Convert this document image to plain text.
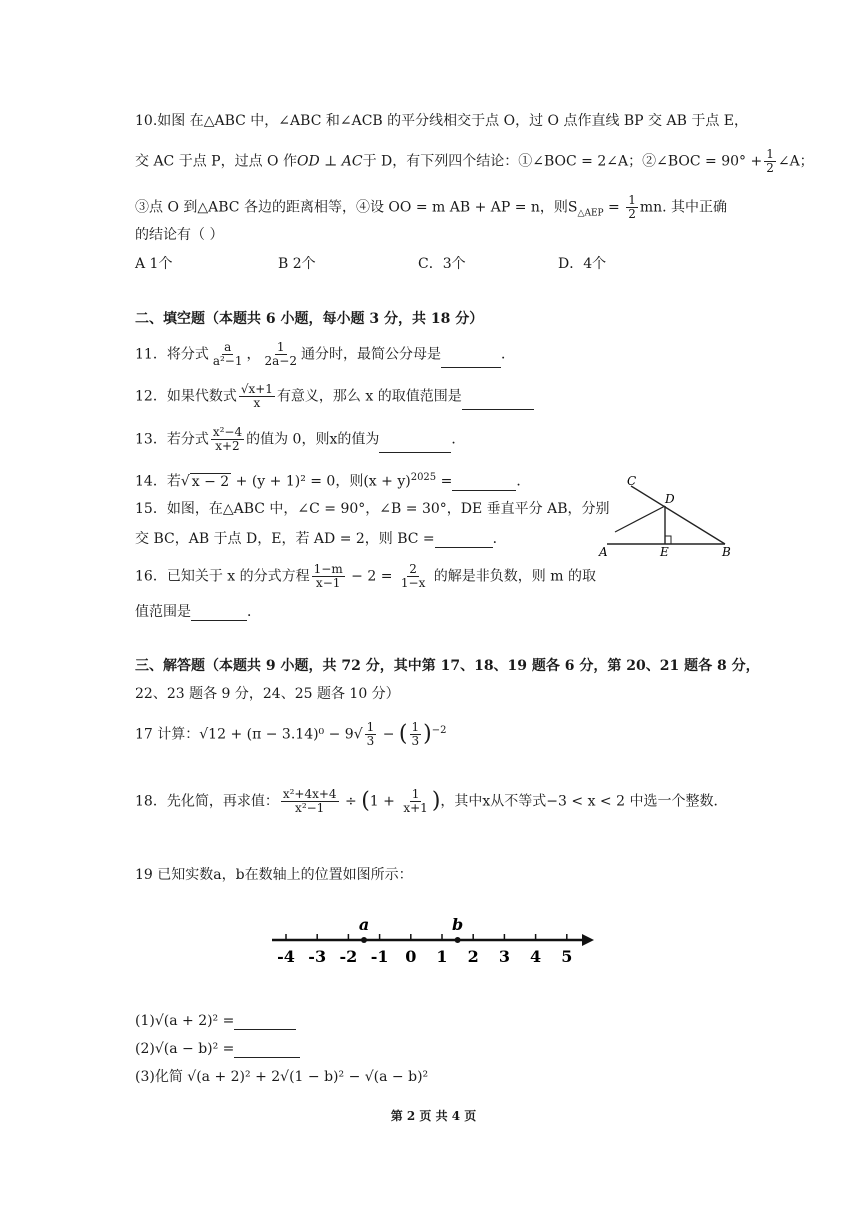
10.如图 在△ABC 中，∠ABC 和∠ACB 的平分线相交于点 O，过 O 点作直线 BP 交 AB 于点 E，
交 AC 于点 P，过点 O 作OD ⊥ AC于 D，有下列四个结论：①∠BOC = 2∠A；②∠BOC = $90^\circ + \frac{1}{2}$ ∠A；
③点 O 到△ABC 各边的距离相等，④设 OO = m AB + AP = n，则$S_{\triangle AEP} = \frac{1}{2}$ mn. 其中正确
的结论有（ ）
A 1个	B 2个	C．3个	D．4个
二、填空题（本题共 6 小题，每小题 3 分，共 18 分）
11．将分式 $\frac{a}{\text{a²−1}}$ ， $\frac{1}{2a-2}$ 通分时，最简公分母是	．
12．如果代数式 $\frac{√x+1}{x}$ 有意义，那么 x 的取值范围是
13．若分式 $\frac{\text{x²−4}}{x+2}$ 的值为 0，则x的值为	．
14．若√ x − 2 + (y + 1)² = 0，则$(x + y)^{2025}$ =	．
15．如图，在△ABC 中，∠C = 90°，∠B = 30°，DE 垂直平分 AB，分别
交 BC，AB 于点 D，E，若 AD = 2，则 BC =	．
C
D
A	E	B
16．已知关于 x 的分式方程 $\frac{1-m}{x-1} - 2 = \frac{2}{1-x}$ 的解是非负数，则 m 的取
值范围是	．
三、解答题（本题共 9 小题，共 72 分，其中第 17、18、19 题各 6 分，第 20、21 题各 8 分，
22、23 题各 9 分，24、25 题各 10 分）
17 计算：$√12 + (\pi - 3.14)^0 - 9√ \frac{1}{3}$ − ( $\frac{1}{3} )^{-2}$
18．先化简，再求值： $\frac{\text{x²+4x+4}}{\text{x²−1}} \div (1 + \frac{1}{x+1}$ )，其中x从不等式−3 < x < 2 中选一个整数．
19 已知实数a，b在数轴上的位置如图所示：
-4 -3 -2 -1 0 1 2 3 4 5
a	b
(1)√(a + 2)² =
(2)√(a − b)² =
(3)化简 √(a + 2)² + 2√(1 − b)² − √(a − b)²
第 2 页 共 4 页
